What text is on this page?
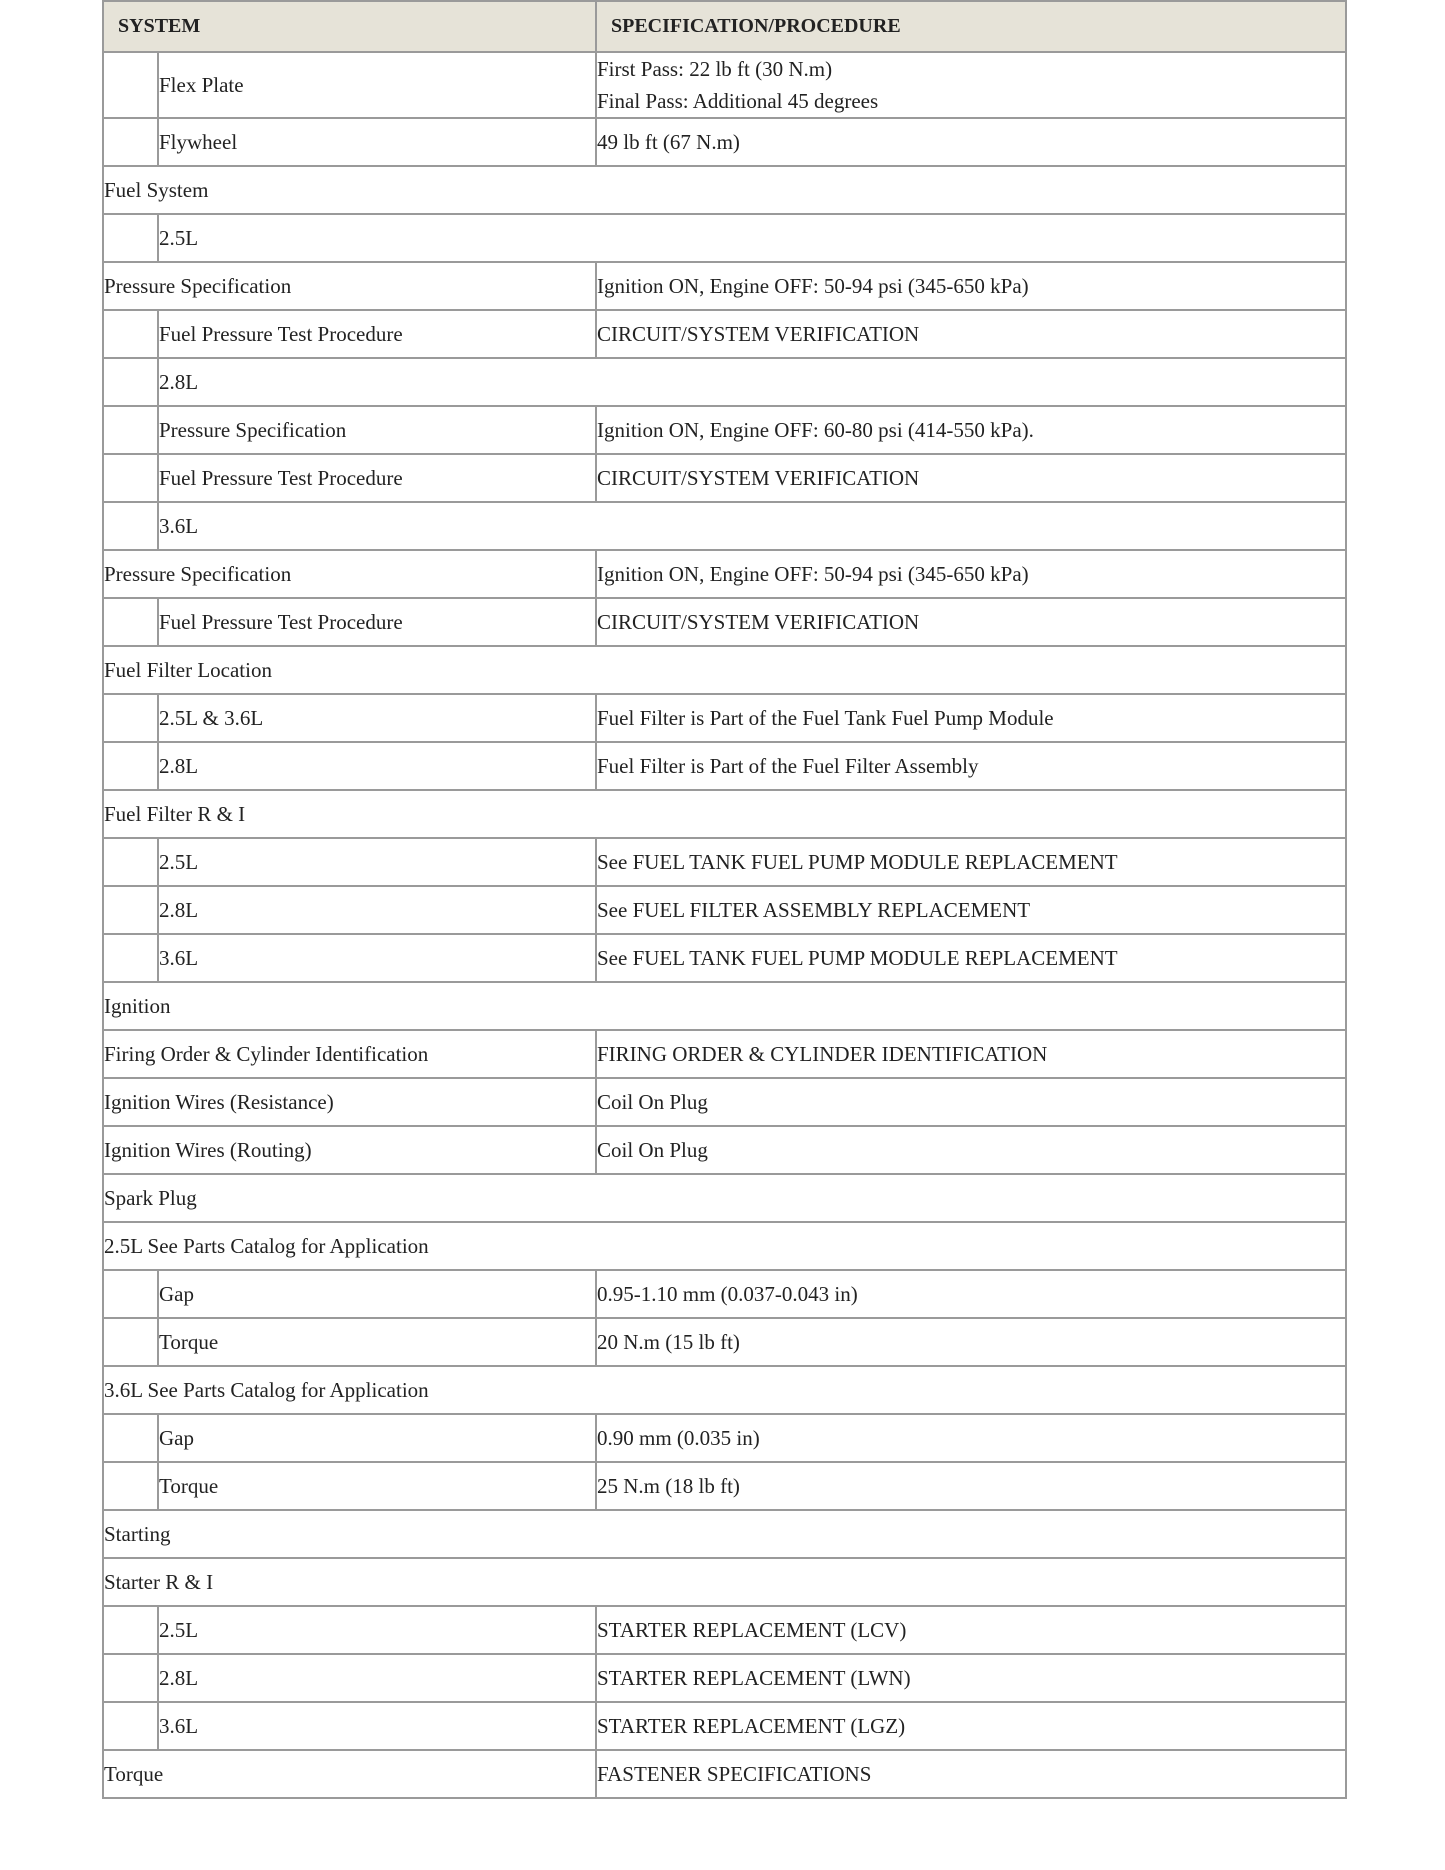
SYSTEM		SPECIFICATION/PROCEDURE
	Flex Plate	First Pass: 22 lb ft (30 N.m)
Final Pass: Additional 45 degrees

	Flywheel	49 lb ft (67 N.m)
Fuel System		
	2.5L	
Pressure Specification		Ignition ON, Engine OFF: 50-94 psi (345-650 kPa)
	Fuel Pressure Test Procedure	CIRCUIT/SYSTEM VERIFICATION
	2.8L	
	Pressure Specification	Ignition ON, Engine OFF: 60-80 psi (414-550 kPa).
	Fuel Pressure Test Procedure	CIRCUIT/SYSTEM VERIFICATION
	3.6L	
Pressure Specification		Ignition ON, Engine OFF: 50-94 psi (345-650 kPa)
	Fuel Pressure Test Procedure	CIRCUIT/SYSTEM VERIFICATION
Fuel Filter Location		
	2.5L & 3.6L	Fuel Filter is Part of the Fuel Tank Fuel Pump Module
	2.8L	Fuel Filter is Part of the Fuel Filter Assembly
Fuel Filter R & I		
	2.5L	See FUEL TANK FUEL PUMP MODULE REPLACEMENT
	2.8L	See FUEL FILTER ASSEMBLY REPLACEMENT
	3.6L	See FUEL TANK FUEL PUMP MODULE REPLACEMENT
Ignition		
Firing Order & Cylinder Identification		FIRING ORDER & CYLINDER IDENTIFICATION
Ignition Wires (Resistance)		Coil On Plug
Ignition Wires (Routing)		Coil On Plug
Spark Plug		
2.5L See Parts Catalog for Application		
	Gap	0.95-1.10 mm (0.037-0.043 in)
	Torque	20 N.m (15 lb ft)
3.6L See Parts Catalog for Application		
	Gap	0.90 mm (0.035 in)
	Torque	25 N.m (18 lb ft)
Starting		
Starter R & I		
	2.5L	STARTER REPLACEMENT (LCV)
	2.8L	STARTER REPLACEMENT (LWN)
	3.6L	STARTER REPLACEMENT (LGZ)
Torque		FASTENER SPECIFICATIONS
